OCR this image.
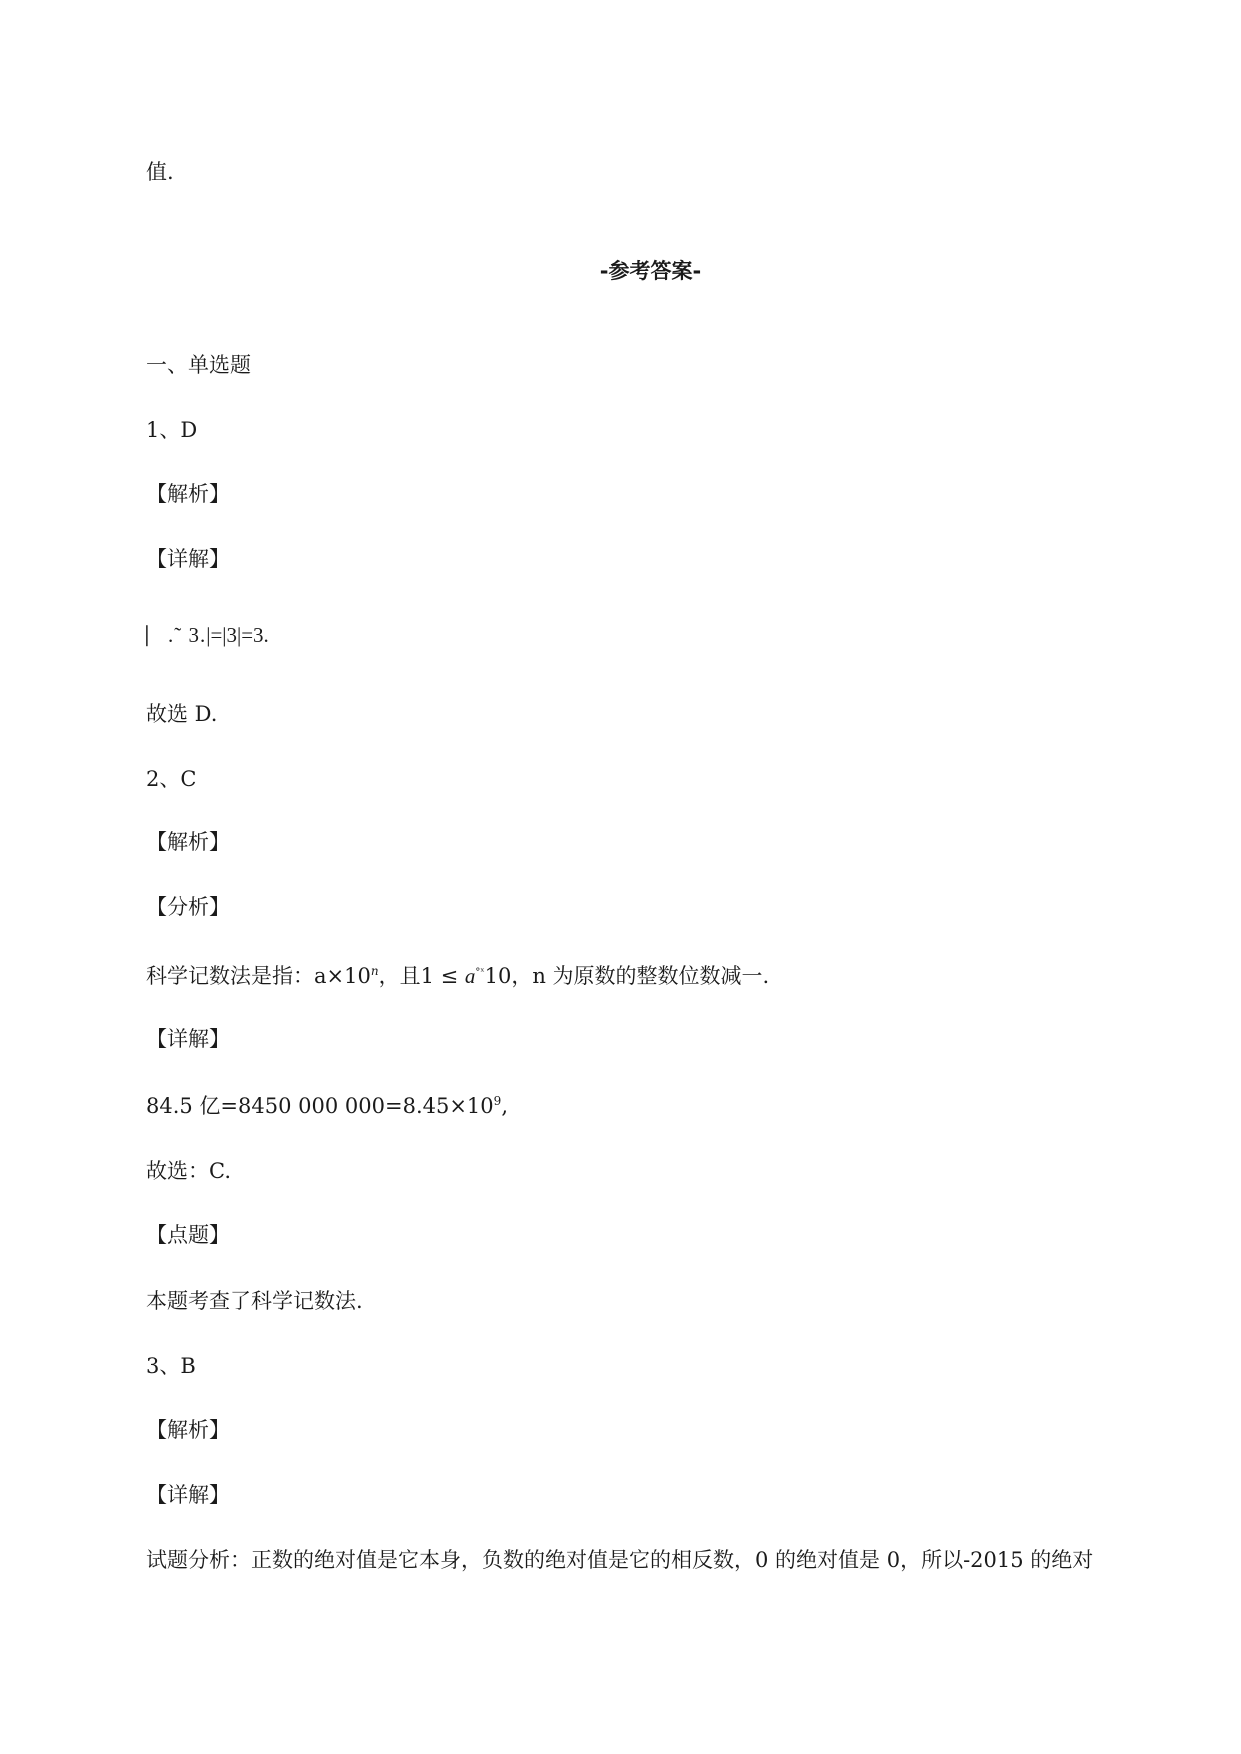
值.
-参考答案-
一、单选题
1、D
【解析】
【详解】
⎸.˜ 3.|=|3|=3.
故选 D.
2、C
【解析】
【分析】
科学记数法是指：$a\times 10^n$，且$1 \le a^{^\circ ˣ}10$，n 为原数的整数位数减一.
【详解】
84.5 亿=8450 000 $000=8.45\times 10^9$,
故选：C.
【点题】
本题考查了科学记数法.
3、B
【解析】
【详解】
试题分析：正数的绝对值是它本身，负数的绝对值是它的相反数，0 的绝对值是 0，所以-2015 的绝对
